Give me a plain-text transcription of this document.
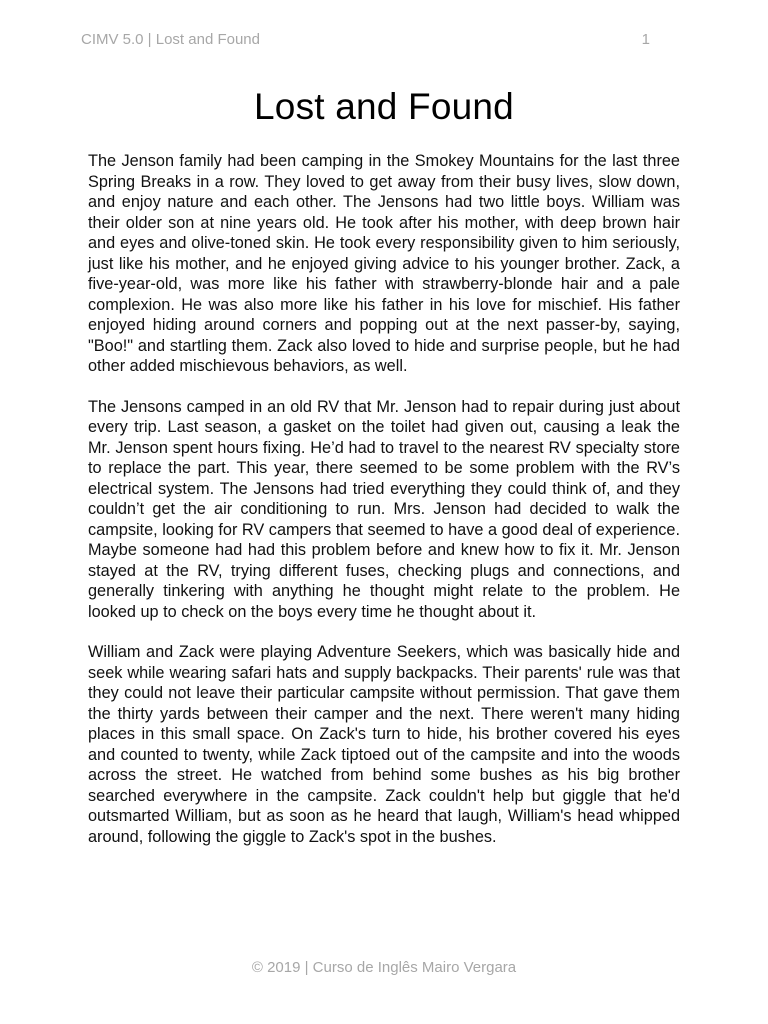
CIMV 5.0 | Lost and Found	1
Lost and Found

The Jenson family had been camping in the Smokey Mountains for the last three Spring Breaks in a row. They loved to get away from their busy lives, slow down, and enjoy nature and each other. The Jensons had two little boys. William was their older son at nine years old. He took after his mother, with deep brown hair and eyes and olive-toned skin. He took every responsibility given to him seriously, just like his mother, and he enjoyed giving advice to his younger brother. Zack, a five-year-old, was more like his father with strawberry-blonde hair and a pale complexion. He was also more like his father in his love for mischief. His father enjoyed hiding around corners and popping out at the next passer-by, saying, "Boo!" and startling them. Zack also loved to hide and surprise people, but he had other added mischievous behaviors, as well.

The Jensons camped in an old RV that Mr. Jenson had to repair during just about every trip. Last season, a gasket on the toilet had given out, causing a leak the Mr. Jenson spent hours fixing. He’d had to travel to the nearest RV specialty store to replace the part. This year, there seemed to be some problem with the RV’s electrical system. The Jensons had tried everything they could think of, and they couldn’t get the air conditioning to run. Mrs. Jenson had decided to walk the campsite, looking for RV campers that seemed to have a good deal of experience. Maybe someone had had this problem before and knew how to fix it. Mr. Jenson stayed at the RV, trying different fuses, checking plugs and connections, and generally tinkering with anything he thought might relate to the problem. He looked up to check on the boys every time he thought about it.

William and Zack were playing Adventure Seekers, which was basically hide and seek while wearing safari hats and supply backpacks. Their parents' rule was that they could not leave their particular campsite without permission. That gave them the thirty yards between their camper and the next. There weren't many hiding places in this small space. On Zack's turn to hide, his brother covered his eyes and counted to twenty, while Zack tiptoed out of the campsite and into the woods across the street. He watched from behind some bushes as his big brother searched everywhere in the campsite. Zack couldn't help but giggle that he'd outsmarted William, but as soon as he heard that laugh, William's head whipped around, following the giggle to Zack's spot in the bushes.

© 2019 | Curso de Inglês Mairo Vergara
